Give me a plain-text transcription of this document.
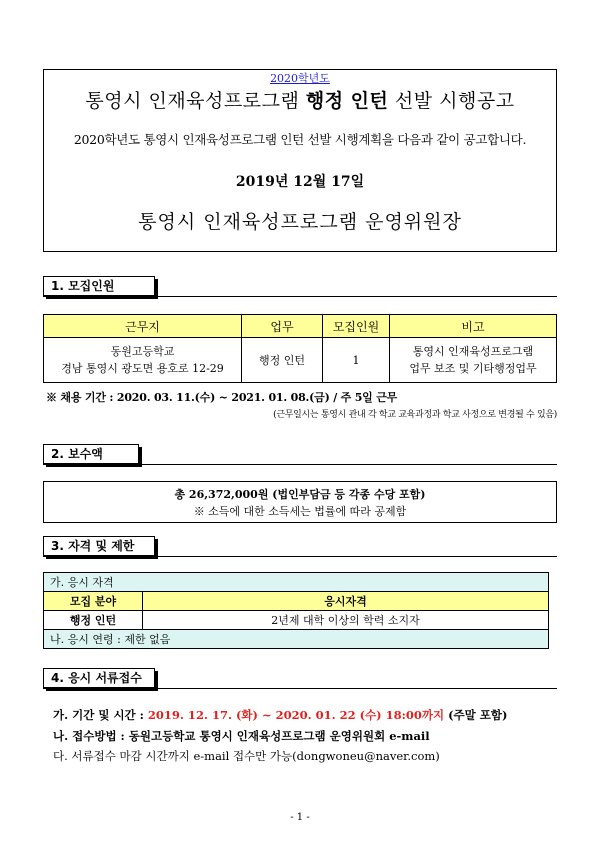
2020학년도
통영시 인재육성프로그램 행정 인턴 선발 시행공고
2020학년도 통영시 인재육성프로그램 인턴 선발 시행계획을 다음과 같이 공고합니다.
2019년 12월 17일
통영시 인재육성프로그램 운영위원장
1. 모집인원
근무지	업무	모집인원	비고
동원고등학교
경남 통영시 광도면 용호로 12-29	행정 인턴	1	통영시 인재육성프로그램
업무 보조 및 기타행정업무
※ 채용 기간 : 2020. 03. 11.(수) ~ 2021. 01. 08.(금) / 주 5일 근무
(근무일시는 통영시 관내 각 학교 교육과정과 학교 사정으로 변경될 수 있음)
2. 보수액
총 26,372,000원 (법인부담금 등 각종 수당 포함)
※ 소득에 대한 소득세는 법률에 따라 공제함
3. 자격 및 제한
가. 응시 자격	
모집 분야	응시자격
행정 인턴	2년제 대학 이상의 학력 소지자
나. 응시 연령 : 제한 없음	
4. 응시 서류접수
가. 기간 및 시간 : 2019. 12. 17. (화) ~ 2020. 01. 22 (수) 18:00까지 (주말 포함)
나. 접수방법 : 동원고등학교 통영시 인재육성프로그램 운영위원회 e-mail
다. 서류접수 마감 시간까지 e-mail 접수만 가능(dongwoneu@naver.com)
- 1 -
